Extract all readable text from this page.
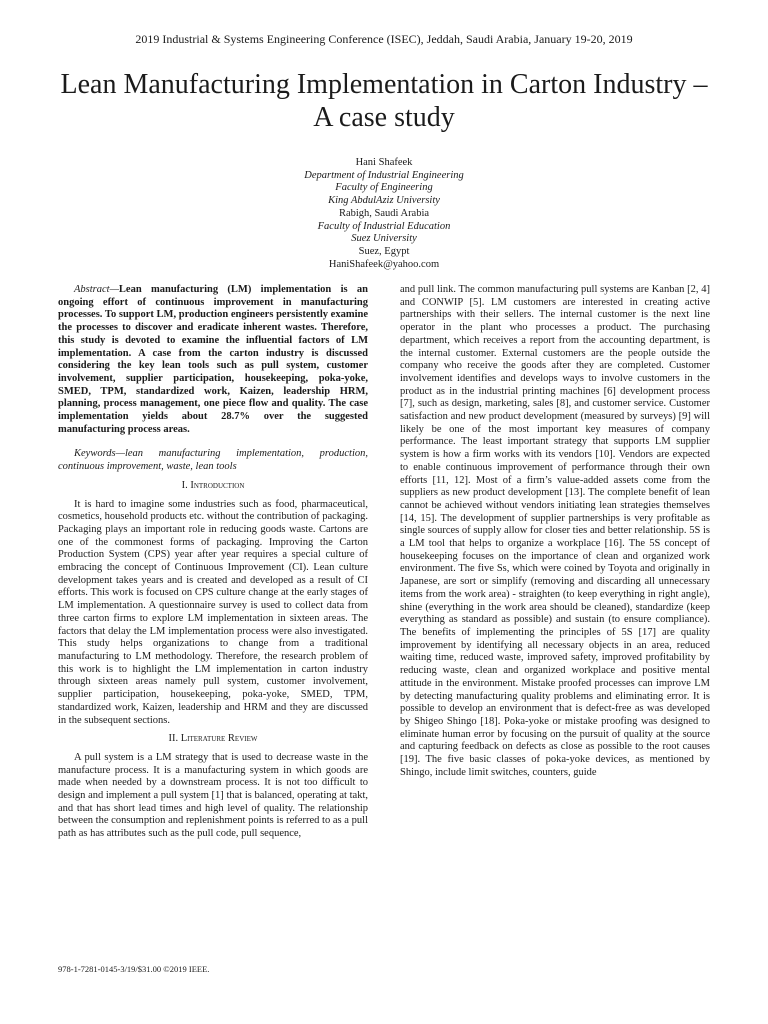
2019 Industrial & Systems Engineering Conference (ISEC), Jeddah, Saudi Arabia, January 19-20, 2019
Lean Manufacturing Implementation in Carton Industry – A case study
Hani Shafeek
Department of Industrial Engineering
Faculty of Engineering
King AbdulAziz University
Rabigh, Saudi Arabia
Faculty of Industrial Education
Suez University
Suez, Egypt
HaniShafeek@yahoo.com

Abstract—Lean manufacturing (LM) implementation is an ongoing effort of continuous improvement in manufacturing processes. To support LM, production engineers persistently examine the processes to discover and eradicate inherent wastes. Therefore, this study is devoted to examine the influential factors of LM implementation. A case from the carton industry is discussed considering the key lean tools such as pull system, customer involvement, supplier participation, housekeeping, poka-yoke, SMED, TPM, standardized work, Kaizen, leadership HRM, planning, process management, one piece flow and quality. The case implementation yields about 28.7% over the suggested manufacturing process areas.

Keywords—lean manufacturing implementation, production, continuous improvement, waste, lean tools

I. Introduction

It is hard to imagine some industries such as food, pharmaceutical, cosmetics, household products etc. without the contribution of packaging. Packaging plays an important role in reducing goods waste. Cartons are one of the commonest forms of packaging. Improving the Carton Production System (CPS) year after year requires a special culture of embracing the concept of Continuous Improvement (CI). Lean culture development takes years and is created and developed as a result of CI efforts. This work is focused on CPS culture change at the early stages of LM implementation. A questionnaire survey is used to collect data from three carton firms to explore LM implementation in sixteen areas. The factors that delay the LM implementation process were also investigated. This study helps organizations to change from a traditional manufacturing to LM methodology. Therefore, the research problem of this work is to highlight the LM implementation in carton industry through sixteen areas namely pull system, customer involvement, supplier participation, housekeeping, poka-yoke, SMED, TPM, standardized work, Kaizen, leadership and HRM and they are discussed in the subsequent sections.

II. Literature Review

A pull system is a LM strategy that is used to decrease waste in the manufacture process. It is a manufacturing system in which goods are made when needed by a downstream process. It is not too difficult to design and implement a pull system [1] that is balanced, operating at takt, and that has short lead times and high level of quality. The relationship between the consumption and replenishment points is referred to as a pull path as has attributes such as the pull code, pull sequence,

and pull link. The common manufacturing pull systems are Kanban [2, 4] and CONWIP [5]. LM customers are interested in creating active partnerships with their sellers. The internal customer is the next line operator in the plant who processes a product. The purchasing department, which receives a report from the accounting department, is the internal customer. External customers are the people outside the company who receive the goods after they are completed. Customer involvement identifies and develops ways to involve customers in the product as in the industrial printing machines [6] development process [7], such as design, marketing, sales [8], and customer service. Customer satisfaction and new product development (measured by surveys) [9] will likely be one of the most important key measures of company performance. The least important strategy that supports LM supplier system is how a firm works with its vendors [10]. Vendors are expected to enable continuous improvement of performance through their own efforts [11, 12]. Most of a firm’s value-added assets come from the suppliers as new product development [13]. The complete benefit of lean cannot be achieved without vendors initiating lean strategies themselves [14, 15]. The development of supplier partnerships is very profitable as single sources of supply allow for closer ties and better relationship. 5S is a LM tool that helps to organize a workplace [16]. The 5S concept of housekeeping focuses on the importance of clean and organized work environment. The five Ss, which were coined by Toyota and originally in Japanese, are sort or simplify (removing and discarding all unnecessary items from the work area) - straighten (to keep everything in right angle), shine (everything in the work area should be cleaned), standardize (keep everything as standard as possible) and sustain (to ensure compliance). The benefits of implementing the principles of 5S [17] are quality improvement by identifying all necessary objects in an area, reduced waiting time, reduced waste, improved safety, improved profitability by reducing waste, clean and organized workplace and positive mental attitude in the environment. Mistake proofed processes can improve LM by detecting manufacturing quality problems and eliminating error. It is possible to develop an environment that is defect-free as was developed by Shigeo Shingo [18]. Poka-yoke or mistake proofing was designed to eliminate human error by focusing on the pursuit of quality at the source and capturing feedback on defects as close as possible to the root causes [19]. The five basic classes of poka-yoke devices, as mentioned by Shingo, include limit switches, counters, guide

978-1-7281-0145-3/19/$31.00 ©2019 IEEE.
